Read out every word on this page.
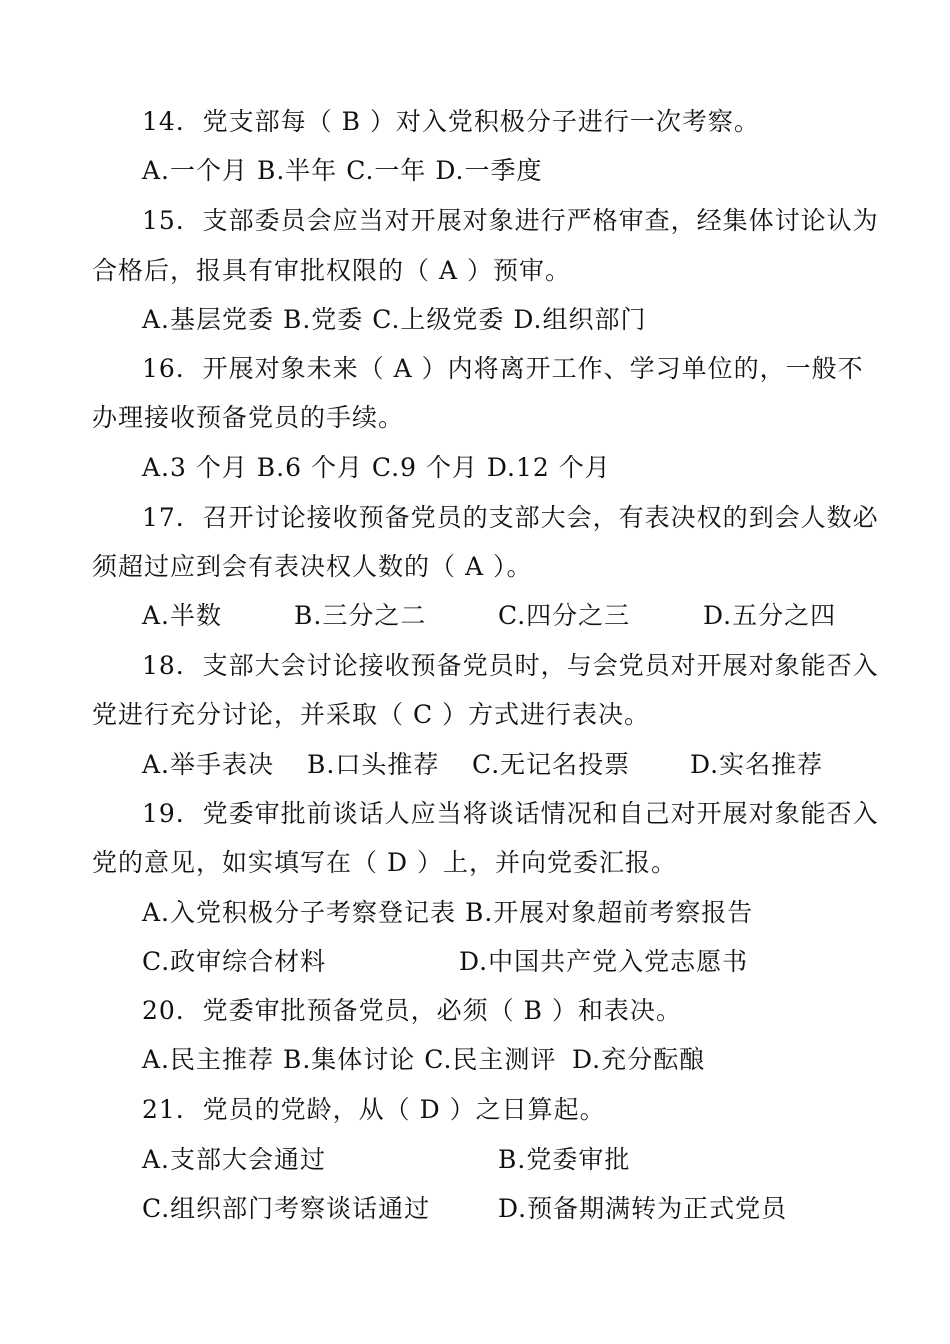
14.  党支部每（ B ）对入党积极分子进行一次考察。
A.一个月 B.半年 C.一年 D.一季度
15.  支部委员会应当对开展对象进行严格审查，经集体讨论认为
合格后，报具有审批权限的（ A ）预审。
A.基层党委 B.党委 C.上级党委 D.组织部门
16.  开展对象未来（ A ）内将离开工作、学习单位的，一般不
办理接收预备党员的手续。
A.3 个月 B.6 个月 C.9 个月 D.12 个月
17.  召开讨论接收预备党员的支部大会，有表决权的到会人数必
须超过应到会有表决权人数的（ A ）。
A.半数	B.三分之二	C.四分之三	D.五分之四
18.  支部大会讨论接收预备党员时，与会党员对开展对象能否入
党进行充分讨论，并采取（ C ）方式进行表决。
A.举手表决 B.口头推荐 C.无记名投票 D.实名推荐
19.  党委审批前谈话人应当将谈话情况和自己对开展对象能否入
党的意见，如实填写在（ D ）上，并向党委汇报。
A.入党积极分子考察登记表 B.开展对象超前考察报告
C.政审综合材料	D.中国共产党入党志愿书
20.  党委审批预备党员，必须（ B ）和表决。
A.民主推荐 B.集体讨论 C.民主测评 D.充分酝酿
21.  党员的党龄，从（ D ）之日算起。
A.支部大会通过	B.党委审批
C.组织部门考察谈话通过	D.预备期满转为正式党员
